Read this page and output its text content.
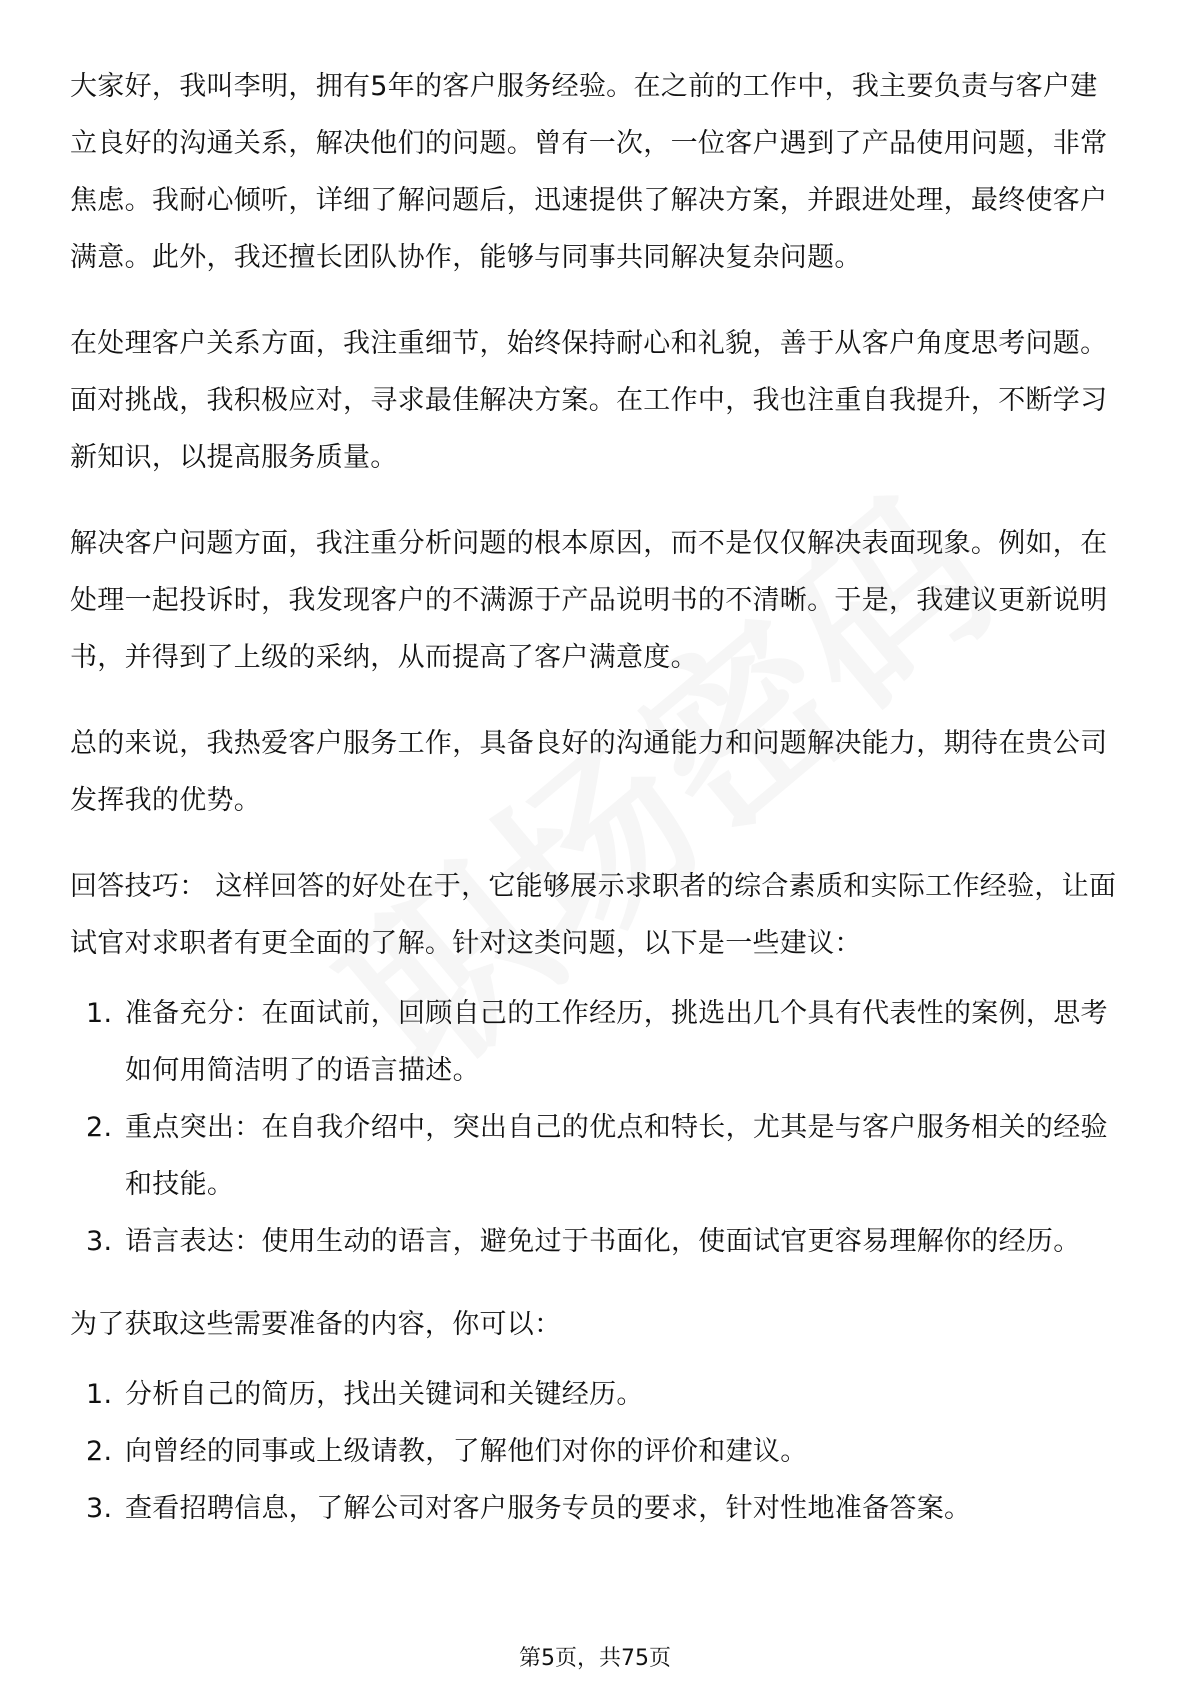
大家好，我叫李明，拥有5年的客户服务经验。在之前的工作中，我主要负责与客户建立良好的沟通关系，解决他们的问题。曾有一次，一位客户遇到了产品使用问题，非常焦虑。我耐心倾听，详细了解问题后，迅速提供了解决方案，并跟进处理，最终使客户满意。此外，我还擅长团队协作，能够与同事共同解决复杂问题。

在处理客户关系方面，我注重细节，始终保持耐心和礼貌，善于从客户角度思考问题。面对挑战，我积极应对，寻求最佳解决方案。在工作中，我也注重自我提升，不断学习新知识，以提高服务质量。

解决客户问题方面，我注重分析问题的根本原因，而不是仅仅解决表面现象。例如，在处理一起投诉时，我发现客户的不满源于产品说明书的不清晰。于是，我建议更新说明书，并得到了上级的采纳，从而提高了客户满意度。

总的来说，我热爱客户服务工作，具备良好的沟通能力和问题解决能力，期待在贵公司发挥我的优势。

回答技巧： 这样回答的好处在于，它能够展示求职者的综合素质和实际工作经验，让面试官对求职者有更全面的了解。针对这类问题，以下是一些建议：

1. 准备充分：在面试前，回顾自己的工作经历，挑选出几个具有代表性的案例，思考如何用简洁明了的语言描述。
2. 重点突出：在自我介绍中，突出自己的优点和特长，尤其是与客户服务相关的经验和技能。
3. 语言表达：使用生动的语言，避免过于书面化，使面试官更容易理解你的经历。

为了获取这些需要准备的内容，你可以：

1. 分析自己的简历，找出关键词和关键经历。
2. 向曾经的同事或上级请教，了解他们对你的评价和建议。
3. 查看招聘信息，了解公司对客户服务专员的要求，针对性地准备答案。
第5页，共75页
